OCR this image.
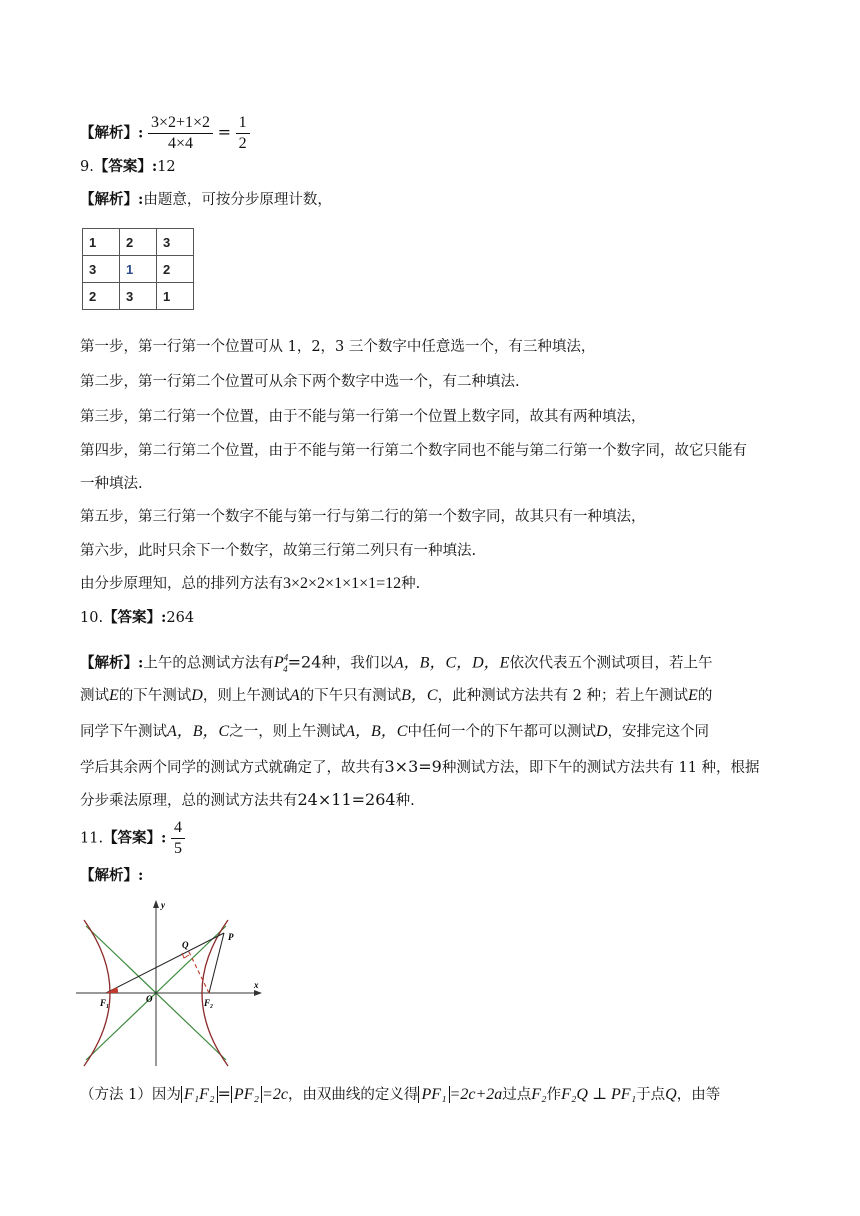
【解析】: $\frac{3\times 2+1\times 2}{4\times 4} = \frac{1}{2}$
9.【答案】:12
【解析】:由题意，可按分步原理计数，
1	2	3
3	1	2
2	3	1
第一步，第一行第一个位置可从 1，2，3 三个数字中任意选一个，有三种填法，
第二步，第一行第二个位置可从余下两个数字中选一个，有二种填法.
第三步，第二行第一个位置，由于不能与第一行第一个位置上数字同，故其有两种填法，
第四步，第二行第二个位置，由于不能与第一行第二个数字同也不能与第二行第一个数字同，故它只能有
一种填法.
第五步，第三行第一个数字不能与第一行与第二行的第一个数字同，故其只有一种填法，
第六步，此时只余下一个数字，故第三行第二列只有一种填法.
由分步原理知，总的排列方法有3×2×2×1×1×1=12种.
10.【答案】:264
【解析】:上午的总测试方法有$P^4_4=24$种，我们以A，B，C，D，E依次代表五个测试项目，若上午
测试E的下午测试D，则上午测试A的下午只有测试B，C，此种测试方法共有 2 种；若上午测试E的
同学下午测试A，B，C之一，则上午测试A，B，C中任何一个的下午都可以测试D，安排完这个同
学后其余两个同学的测试方式就确定了，故共有3×3=9种测试方法，即下午的测试方法共有 11 种，根据
分步乘法原理，总的测试方法共有24×11=264种.
11.【答案】: $\frac{4}{5}$
【解析】:
y
x
O
Q
P
F₁	F₂
（方法 1）因为 F₁F₂ = PF₂ =2c，由双曲线的定义得 PF₁ =2c+2a过点F₂作F₂Q ⊥ PF₁于点Q，由等
